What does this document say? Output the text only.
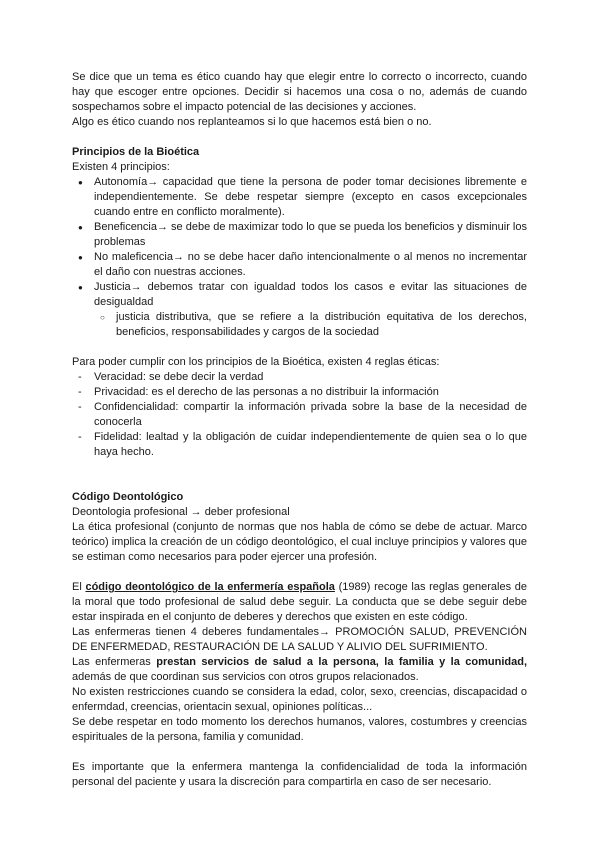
Se dice que un tema es ético cuando hay que elegir entre lo correcto o incorrecto, cuando hay que escoger entre opciones. Decidir si hacemos una cosa o no, además de cuando sospechamos sobre el impacto potencial de las decisiones y acciones.

Algo es ético cuando nos replanteamos si lo que hacemos está bien o no.

Principios de la Bioética

Existen 4 principios:

● Autonomía→ capacidad que tiene la persona de poder tomar decisiones libremente e independientemente. Se debe respetar siempre (excepto en casos excepcionales cuando entre en conflicto moralmente).
● Beneficencia→ se debe de maximizar todo lo que se pueda los beneficios y disminuir los problemas
● No maleficencia→ no se debe hacer daño intencionalmente o al menos no incrementar el daño con nuestras acciones.
● Justicia→ debemos tratar con igualdad todos los casos e evitar las situaciones de desigualdad
○ justicia distributiva, que se refiere a la distribución equitativa de los derechos, beneficios, responsabilidades y cargos de la sociedad

Para poder cumplir con los principios de la Bioética, existen 4 reglas éticas:

- Veracidad: se debe decir la verdad
- Privacidad: es el derecho de las personas a no distribuir la información
- Confidencialidad: compartir la información privada sobre la base de la necesidad de conocerla
- Fidelidad: lealtad y la obligación de cuidar independientemente de quien sea o lo que haya hecho.
Código Deontológico

Deontologia profesional → deber profesional

La ética profesional (conjunto de normas que nos habla de cómo se debe de actuar. Marco teórico) implica la creación de un código deontológico, el cual incluye principios y valores que se estiman como necesarios para poder ejercer una profesión.

El código deontológico de la enfermería española (1989) recoge las reglas generales de la moral que todo profesional de salud debe seguir. La conducta que se debe seguir debe estar inspirada en el conjunto de deberes y derechos que existen en este código.

Las enfermeras tienen 4 deberes fundamentales→ PROMOCIÓN SALUD, PREVENCIÓN DE ENFERMEDAD, RESTAURACIÓN DE LA SALUD Y ALIVIO DEL SUFRIMIENTO.

Las enfermeras prestan servicios de salud a la persona, la familia y la comunidad, además de que coordinan sus servicios con otros grupos relacionados.

No existen restricciones cuando se considera la edad, color, sexo, creencias, discapacidad o enfermdad, creencias, orientacin sexual, opiniones políticas...

Se debe respetar en todo momento los derechos humanos, valores, costumbres y creencias espirituales de la persona, familia y comunidad.

Es importante que la enfermera mantenga la confidencialidad de toda la información personal del paciente y usara la discreción para compartirla en caso de ser necesario.
